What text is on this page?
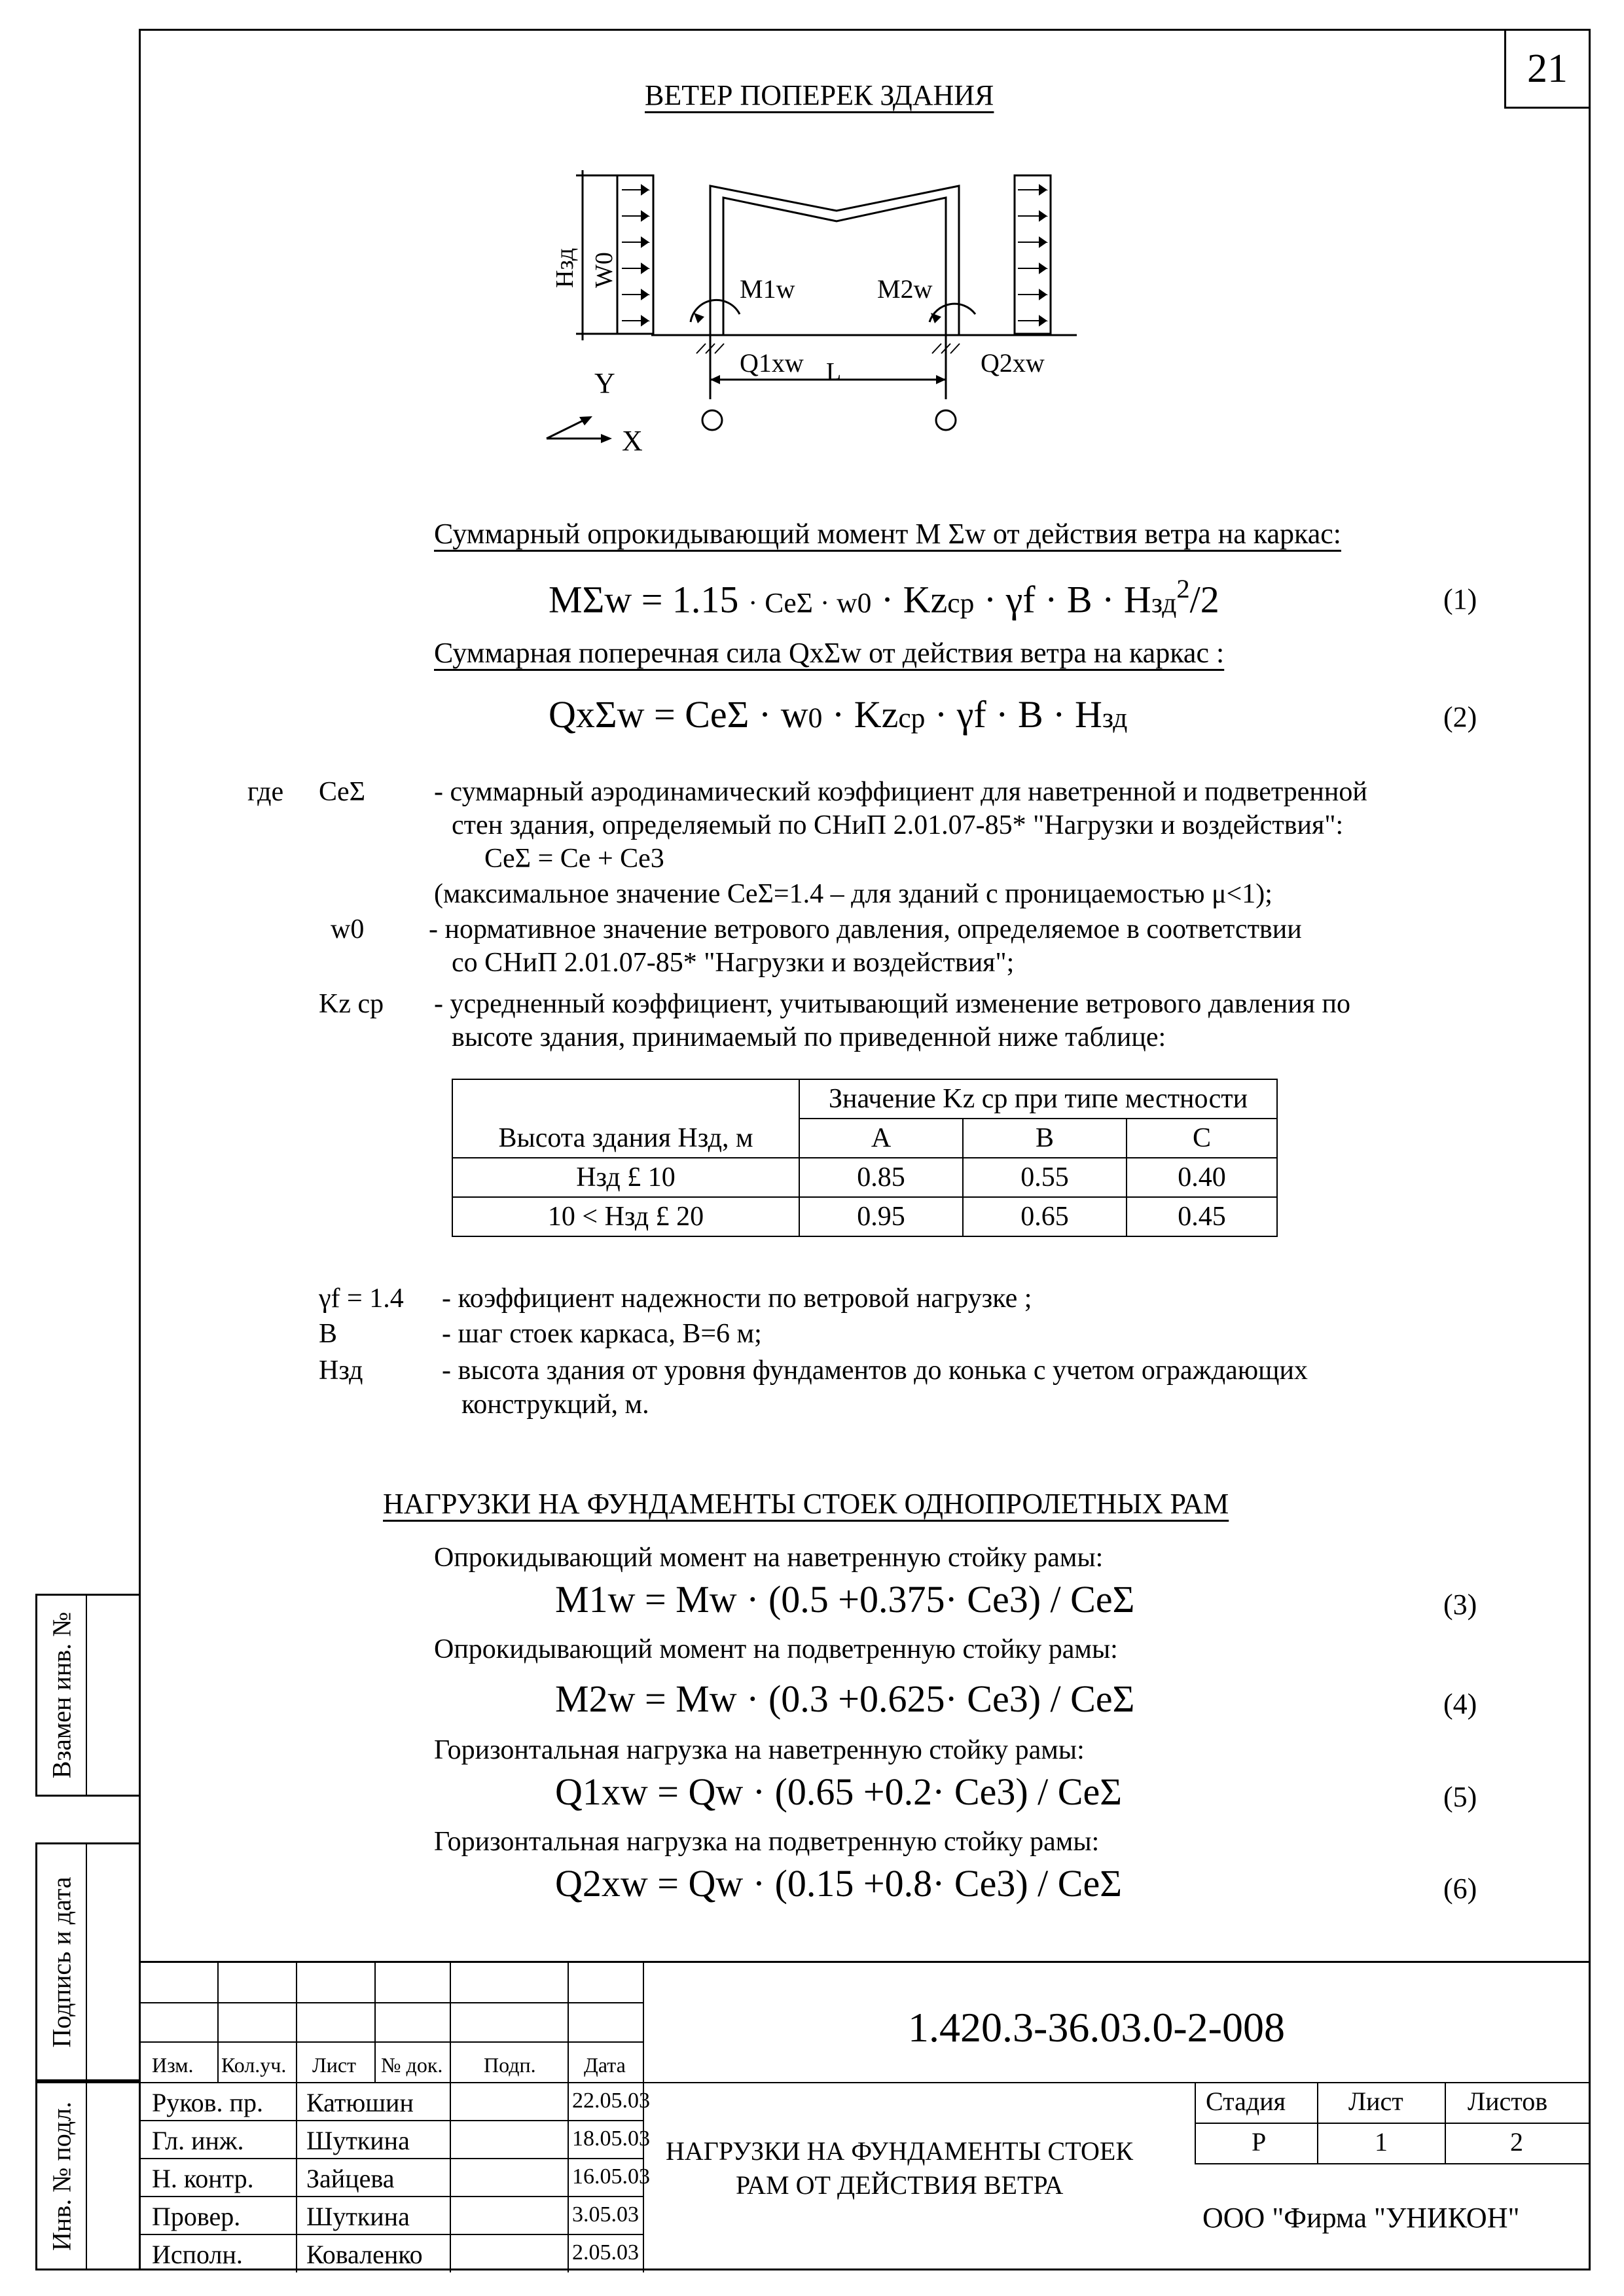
21
ВЕТЕР ПОПЕРЕК ЗДАНИЯ
Нзд W0
M1w	M2w
Q1xw L	Q2xw
Y
X
Суммарный опрокидывающий момент M Σw от действия ветра на каркас:
MΣw = 1.15 · CeΣ · w0 · Kzср · γf · B · Hзд$^2$/2	(1)
Суммарная поперечная сила QxΣw от действия ветра на каркас :
QxΣw = CeΣ · w0 · Kzср · γf · B · Hзд	(2)
где CeΣ - суммарный аэродинамический коэффициент для наветренной и подветренной
стен здания, определяемый по СНиП 2.01.07-85* "Нагрузки и воздействия":
CeΣ = Ce + Ce3
(максимальное значение CeΣ=1.4 – для зданий с проницаемостью μ<1);
w0 - нормативное значение ветрового давления, определяемое в соответствии
со СНиП 2.01.07-85* "Нагрузки и воздействия";
Kz cp - усредненный коэффициент, учитывающий изменение ветрового давления по
высоте здания, принимаемый по приведенной ниже таблице:
	Значение Kz cp при типе местности		
Высота здания Hзд, м	A	B	C
Hзд £ 10	0.85	0.55	0.40
10 < Hзд £ 20	0.95	0.65	0.45
γf = 1.4 - коэффициент надежности по ветровой нагрузке ;
B	- шаг стоек каркаса, B=6 м;
Hзд	- высота здания от уровня фундаментов до конька с учетом ограждающих
конструкций, м.
НАГРУЗКИ НА ФУНДАМЕНТЫ СТОЕК ОДНОПРОЛЕТНЫХ РАМ
Опрокидывающий момент на наветренную стойку рамы:
M1w = Mw · (0.5 +0.375· Ce3) / CeΣ	(3)
Опрокидывающий момент на подветренную стойку рамы:
M2w = Mw · (0.3 +0.625· Ce3) / CeΣ	(4)
Горизонтальная нагрузка на наветренную стойку рамы:
Q1xw = Qw · (0.65 +0.2· Ce3) / CeΣ	(5)
Горизонтальная нагрузка на подветренную стойку рамы:
Q2xw = Qw · (0.15 +0.8· Ce3) / CeΣ	(6)
Взамен инв. №
Подпись и дата
Инв. № подл.
1.420.3-36.03.0-2-008
Изм. Кол.уч. Лист № док. Подп. Дата
Руков. пр. Катюшин	22.05.03
Гл. инж. Шуткина	18.05.03
Н. контр. Зайцева	16.05.03
Провер.	Шуткина	3.05.03
Исполн. Коваленко	2.05.03
НАГРУЗКИ НА ФУНДАМЕНТЫ СТОЕК
РАМ ОТ ДЕЙСТВИЯ ВЕТРА
Стадия Лист Листов
Р	1	2
ООО "Фирма "УНИКОН"
